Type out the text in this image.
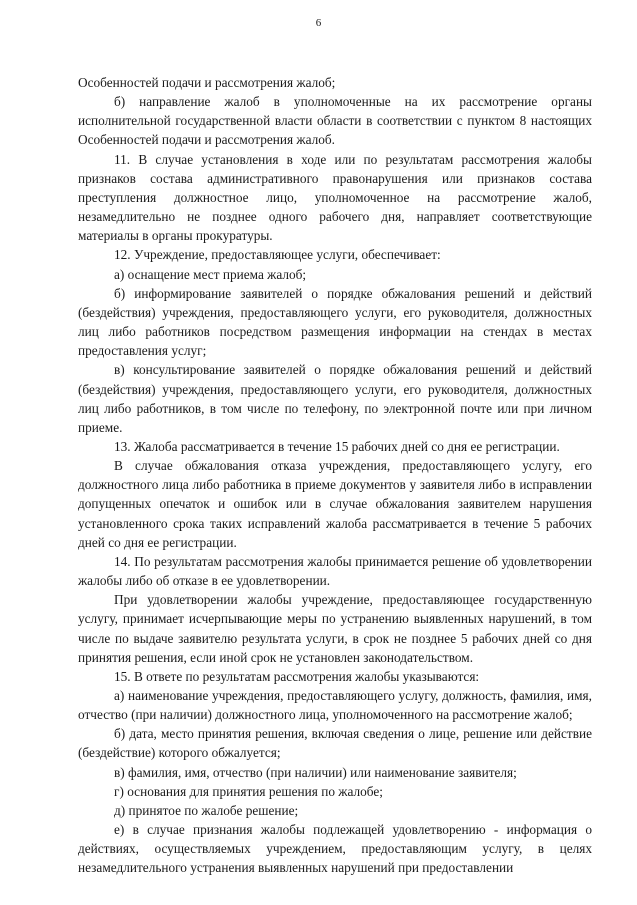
6

Особенностей подачи и рассмотрения жалоб;

б) направление жалоб в уполномоченные на их рассмотрение органы исполнительной государственной власти области в соответствии с пунктом 8 настоящих Особенностей подачи и рассмотрения жалоб.

11. В случае установления в ходе или по результатам рассмотрения жалобы признаков состава административного правонарушения или признаков состава преступления должностное лицо, уполномоченное на рассмотрение жалоб, незамедлительно не позднее одного рабочего дня, направляет соответствующие материалы в органы прокуратуры.

12. Учреждение, предоставляющее услуги, обеспечивает:

а) оснащение мест приема жалоб;

б) информирование заявителей о порядке обжалования решений и действий (бездействия) учреждения, предоставляющего услуги, его руководителя, должностных лиц либо работников посредством размещения информации на стендах в местах предоставления услуг;

в) консультирование заявителей о порядке обжалования решений и действий (бездействия) учреждения, предоставляющего услуги, его руководителя, должностных лиц либо работников, в том числе по телефону, по электронной почте или при личном приеме.

13. Жалоба рассматривается в течение 15 рабочих дней со дня ее регистрации.

В случае обжалования отказа учреждения, предоставляющего услугу, его должностного лица либо работника в приеме документов у заявителя либо в исправлении допущенных опечаток и ошибок или в случае обжалования заявителем нарушения установленного срока таких исправлений жалоба рассматривается в течение 5 рабочих дней со дня ее регистрации.

14. По результатам рассмотрения жалобы принимается решение об удовлетворении жалобы либо об отказе в ее удовлетворении.

При удовлетворении жалобы учреждение, предоставляющее государственную услугу, принимает исчерпывающие меры по устранению выявленных нарушений, в том числе по выдаче заявителю результата услуги, в срок не позднее 5 рабочих дней со дня принятия решения, если иной срок не установлен законодательством.

15. В ответе по результатам рассмотрения жалобы указываются:

а) наименование учреждения, предоставляющего услугу, должность, фамилия, имя, отчество (при наличии) должностного лица, уполномоченного на рассмотрение жалоб;

б) дата, место принятия решения, включая сведения о лице, решение или действие (бездействие) которого обжалуется;

в) фамилия, имя, отчество (при наличии) или наименование заявителя;

г) основания для принятия решения по жалобе;

д) принятое по жалобе решение;

е) в случае признания жалобы подлежащей удовлетворению - информация о действиях, осуществляемых учреждением, предоставляющим услугу, в целях незамедлительного устранения выявленных нарушений при предоставлении
